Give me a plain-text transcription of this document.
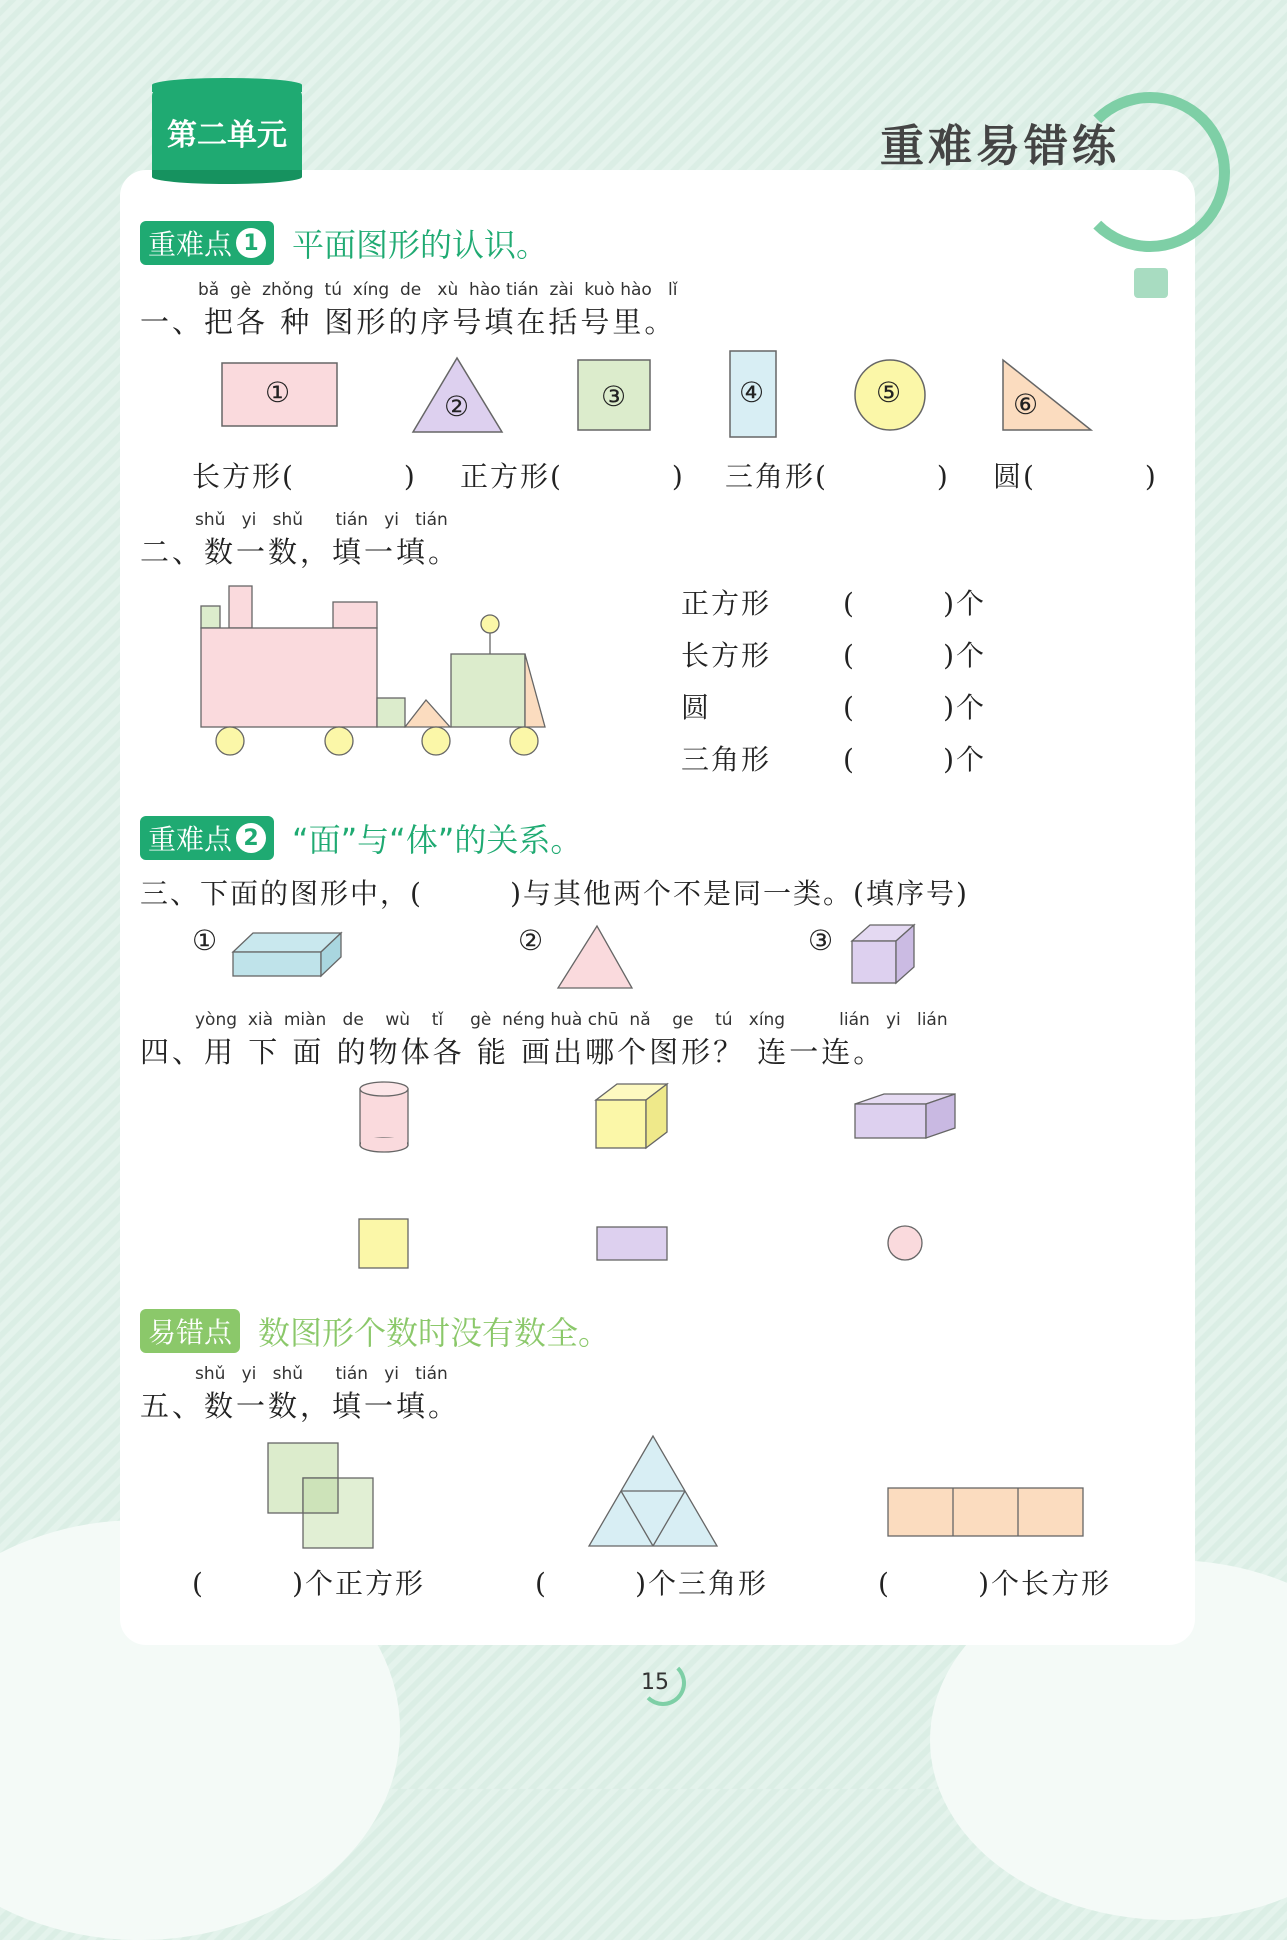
第二单元	重难易错练
重难点 1 平面图形的认识。
bǎ  gè  zhǒng  tú  xíng  de   xù  hào tián  zài  kuò hào   lǐ
一、把各 种 图形的序号填在括号里。
①	②	③	④	⑤	⑥
长方形(          ) 正方形(          ) 三角形(          ) 圆(          )
shǔ   yi   shǔ      tián   yi   tián
二、数一数，填一填。
正方形	(        )个
长方形	(        )个
圆	(        )个
三角形	(        )个
重难点 2 “面”与“体”的关系。
三、下面的图形中，(        )与其他两个不是同一类。(填序号)
①	②	③
yòng  xià  miàn   de    wù    tǐ     gè  néng huà chū  nǎ    ge    tú   xíng          lián   yi   lián
四、用 下 面 的物体各 能 画出哪个图形？ 连一连。
易错点 数图形个数时没有数全。
shǔ   yi   shǔ      tián   yi   tián
五、数一数，填一填。
(        )个正方形	(        )个三角形	(        )个长方形
15
